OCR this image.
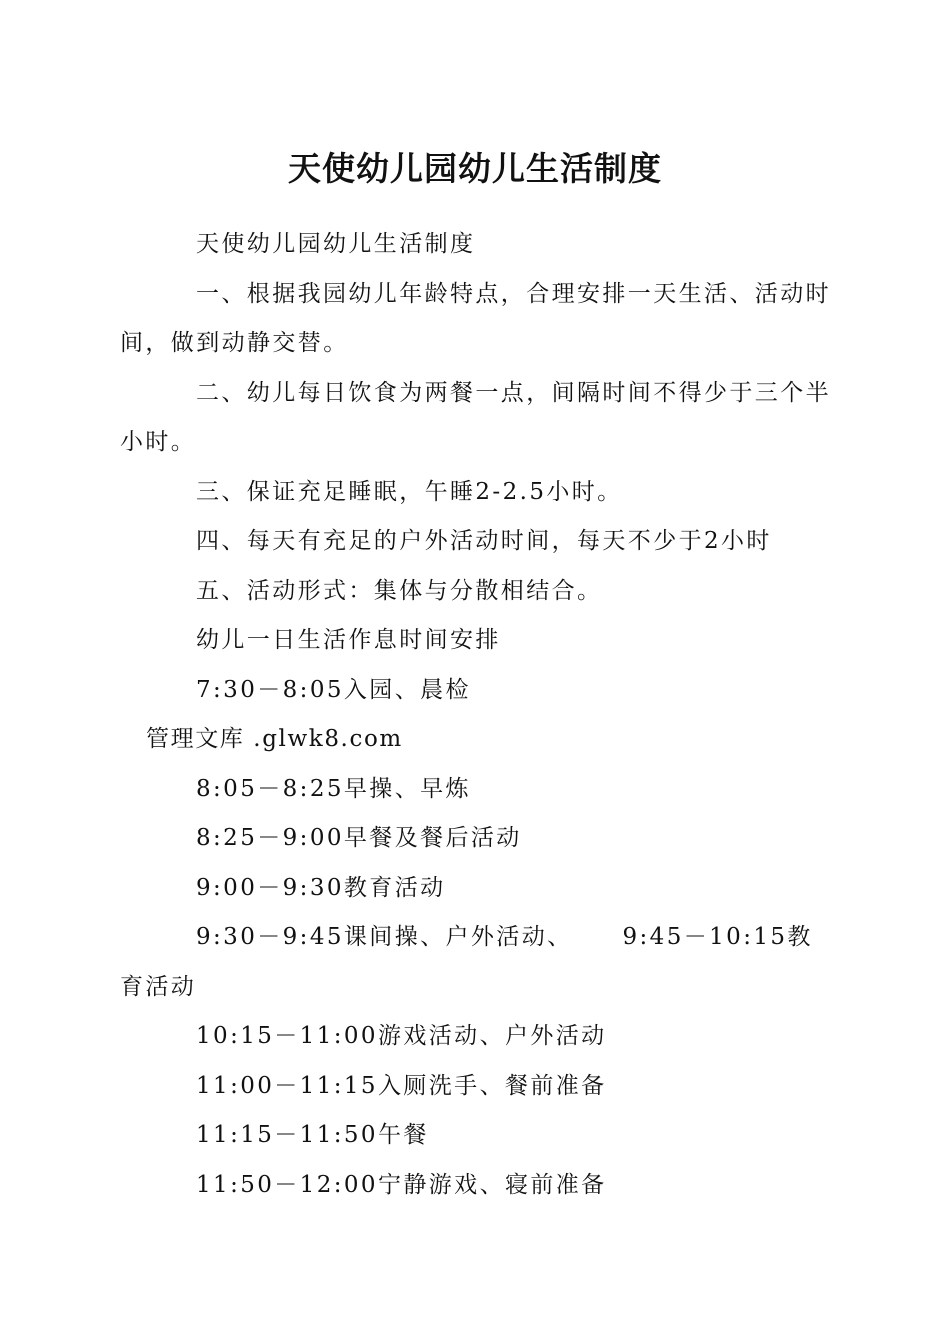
天使幼儿园幼儿生活制度

天使幼儿园幼儿生活制度

一、根据我园幼儿年龄特点，合理安排一天生活、活动时间，做到动静交替。

二、幼儿每日饮食为两餐一点，间隔时间不得少于三个半小时。

三、保证充足睡眠，午睡2-2.5小时。

四、每天有充足的户外活动时间，每天不少于2小时

五、活动形式：集体与分散相结合。

幼儿一日生活作息时间安排

7:30－8:05入园、晨检

管理文库 .glwk8.com

8:05－8:25早操、早炼

8:25－9:00早餐及餐后活动

9:00－9:30教育活动

9:30－9:45课间操、户外活动、 9:45－10:15教育活动

10:15－11:00游戏活动、户外活动

11:00－11:15入厕洗手、餐前准备

11:15－11:50午餐

11:50－12:00宁静游戏、寝前准备
